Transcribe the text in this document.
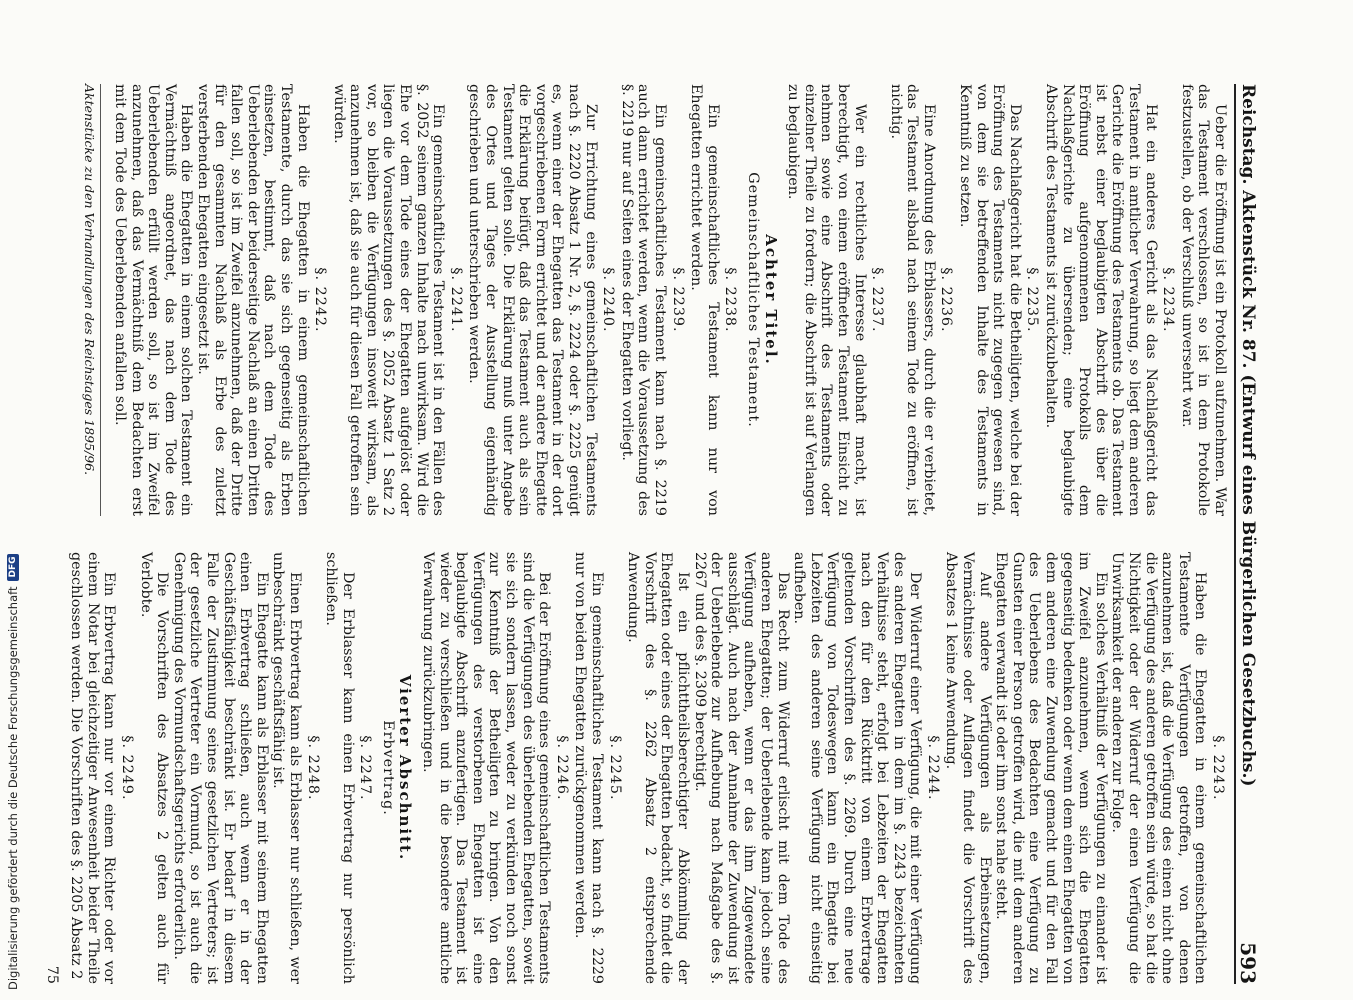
Reichstag. Aktenstück Nr. 87. (Entwurf eines Bürgerlichen Gesetzbuchs.)
593

Ueber die Eröffnung ist ein Protokoll aufzunehmen. War das Testament verschlossen, so ist in dem Protokolle festzustellen, ob der Verschluß unversehrt war.

§. 2234.

Hat ein anderes Gericht als das Nachlaßgericht das Testament in amtlicher Verwahrung, so liegt dem anderen Gerichte die Eröffnung des Testaments ob. Das Testament ist nebst einer beglaubigten Abschrift des über die Eröffnung aufgenommenen Protokolls dem Nachlaßgerichte zu übersenden; eine beglaubigte Abschrift des Testaments ist zurückzubehalten.

§. 2235.

Das Nachlaßgericht hat die Betheiligten, welche bei der Eröffnung des Testaments nicht zugegen gewesen sind, von dem sie betreffenden Inhalte des Testaments in Kenntniß zu setzen.

§. 2236.

Eine Anordnung des Erblassers, durch die er verbietet, das Testament alsbald nach seinem Tode zu eröffnen, ist nichtig.

§. 2237.

Wer ein rechtliches Interesse glaubhaft macht, ist berechtigt, von einem eröffneten Testament Einsicht zu nehmen sowie eine Abschrift des Testaments oder einzelner Theile zu fordern; die Abschrift ist auf Verlangen zu beglaubigen.

Achter Titel.
Gemeinschaftliches Testament.
§. 2238.

Ein gemeinschaftliches Testament kann nur von Ehegatten errichtet werden.

§. 2239.

Ein gemeinschaftliches Testament kann nach §. 2219 auch dann errichtet werden, wenn die Voraussetzung des §. 2219 nur auf Seiten eines der Ehegatten vorliegt.

§. 2240.

Zur Errichtung eines gemeinschaftlichen Testaments nach §. 2220 Absatz 1 Nr. 2, §. 2224 oder §. 2225 genügt es, wenn einer der Ehegatten das Testament in der dort vorgeschriebenen Form errichtet und der andere Ehegatte die Erklärung beifügt, daß das Testament auch als sein Testament gelten solle. Die Erklärung muß unter Angabe des Ortes und Tages der Ausstellung eigenhändig geschrieben und unterschrieben werden.

§. 2241.

Ein gemeinschaftliches Testament ist in den Fällen des §. 2052 seinem ganzen Inhalte nach unwirksam. Wird die Ehe vor dem Tode eines der Ehegatten aufgelöst oder liegen die Voraussetzungen des §. 2052 Absatz 1 Satz 2 vor, so bleiben die Verfügungen insoweit wirksam, als anzunehmen ist, daß sie auch für diesen Fall getroffen sein würden.

§. 2242.

Haben die Ehegatten in einem gemeinschaftlichen Testamente, durch das sie sich gegenseitig als Erben einsetzen, bestimmt, daß nach dem Tode des Ueberlebenden der beiderseitige Nachlaß an einen Dritten fallen soll, so ist im Zweifel anzunehmen, daß der Dritte für den gesammten Nachlaß als Erbe des zuletzt versterbenden Ehegatten eingesetzt ist.

Haben die Ehegatten in einem solchen Testament ein Vermächtniß angeordnet, das nach dem Tode des Ueberlebenden erfüllt werden soll, so ist im Zweifel anzunehmen, daß das Vermächtniß dem Bedachten erst mit dem Tode des Ueberlebenden anfallen soll.

Aktenstücke zu den Verhandlungen des Reichstages 1895/96.
§. 2243.

Haben die Ehegatten in einem gemeinschaftlichen Testamente Verfügungen getroffen, von denen anzunehmen ist, daß die Verfügung des einen nicht ohne die Verfügung des anderen getroffen sein würde, so hat die Nichtigkeit oder der Widerruf der einen Verfügung die Unwirksamkeit der anderen zur Folge.

Ein solches Verhältniß der Verfügungen zu einander ist im Zweifel anzunehmen, wenn sich die Ehegatten gegenseitig bedenken oder wenn dem einen Ehegatten von dem anderen eine Zuwendung gemacht und für den Fall des Ueberlebens des Bedachten eine Verfügung zu Gunsten einer Person getroffen wird, die mit dem anderen Ehegatten verwandt ist oder ihm sonst nahe steht.

Auf andere Verfügungen als Erbeinsetzungen, Vermächtnisse oder Auflagen findet die Vorschrift des Absatzes 1 keine Anwendung.

§. 2244.

Der Widerruf einer Verfügung, die mit einer Verfügung des anderen Ehegatten in dem im §. 2243 bezeichneten Verhältnisse steht, erfolgt bei Lebzeiten der Ehegatten nach den für den Rücktritt von einem Erbvertrage geltenden Vorschriften des §. 2269. Durch eine neue Verfügung von Todeswegen kann ein Ehegatte bei Lebzeiten des anderen seine Verfügung nicht einseitig aufheben.

Das Recht zum Widerruf erlischt mit dem Tode des anderen Ehegatten; der Ueberlebende kann jedoch seine Verfügung aufheben, wenn er das ihm Zugewendete ausschlägt. Auch nach der Annahme der Zuwendung ist der Ueberlebende zur Aufhebung nach Maßgabe des §. 2267 und des §. 2309 berechtigt.

Ist ein pflichttheilsberechtigter Abkömmling der Ehegatten oder eines der Ehegatten bedacht, so findet die Vorschrift des §. 2262 Absatz 2 entsprechende Anwendung.

§. 2245.

Ein gemeinschaftliches Testament kann nach §. 2229 nur von beiden Ehegatten zurückgenommen werden.

§. 2246.

Bei der Eröffnung eines gemeinschaftlichen Testaments sind die Verfügungen des überlebenden Ehegatten, soweit sie sich sondern lassen, weder zu verkünden noch sonst zur Kenntniß der Betheiligten zu bringen. Von den Verfügungen des verstorbenen Ehegatten ist eine beglaubigte Abschrift anzufertigen. Das Testament ist wieder zu verschließen und in die besondere amtliche Verwahrung zurückzubringen.

Vierter Abschnitt.
Erbvertrag.
§. 2247.

Der Erblasser kann einen Erbvertrag nur persönlich schließen.

§. 2248.

Einen Erbvertrag kann als Erblasser nur schließen, wer unbeschränkt geschäftsfähig ist.

Ein Ehegatte kann als Erblasser mit seinem Ehegatten einen Erbvertrag schließen, auch wenn er in der Geschäftsfähigkeit beschränkt ist. Er bedarf in diesem Falle der Zustimmung seines gesetzlichen Vertreters; ist der gesetzliche Vertreter ein Vormund, so ist auch die Genehmigung des Vormundschaftsgerichts erforderlich.

Die Vorschriften des Absatzes 2 gelten auch für Verlobte.

§. 2249.

Ein Erbvertrag kann nur vor einem Richter oder vor einem Notar bei gleichzeitiger Anwesenheit beider Theile geschlossen werden. Die Vorschriften des §. 2205 Absatz 2

75
Digitalisierung gefördert durch die Deutsche Forschungsgemeinschaft
DFG
